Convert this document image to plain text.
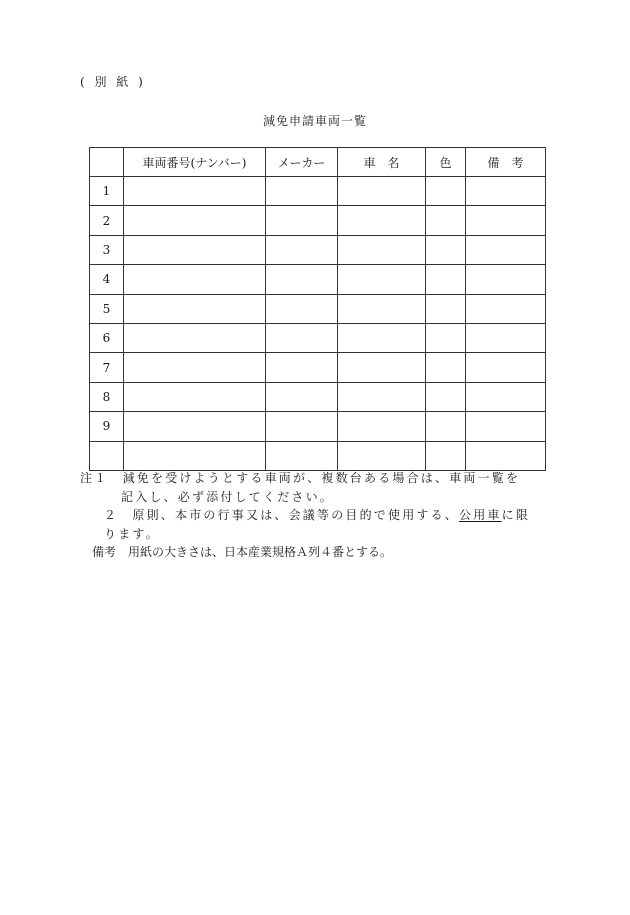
( 別 紙 )
減免申請車両一覧
	車両番号(ナンバー)	メーカー	車　名	色	備　考
1					
2					
3					
4					
5					
6					
7					
8					
9					

注１　減免を受けようとする車両が、複数台ある場合は、車両一覧を
記入し、必ず添付してください。
２　原則、本市の行事又は、会議等の目的で使用する、公用車に限
ります。
備考　用紙の大きさは、日本産業規格Ａ列４番とする。
